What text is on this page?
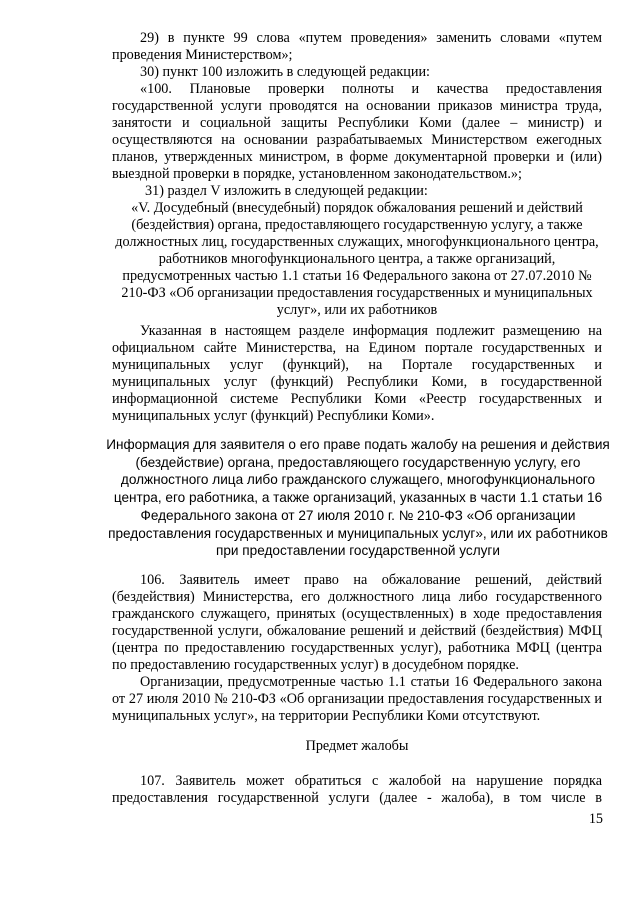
29) в пункте 99 слова «путем проведения» заменить словами «путем проведения Министерством»;

30) пункт 100 изложить в следующей редакции:

«100. Плановые проверки полноты и качества предоставления государственной услуги проводятся на основании приказов министра труда, занятости и социальной защиты Республики Коми (далее – министр) и осуществляются на основании разрабатываемых Министерством ежегодных планов, утвержденных министром, в форме документарной проверки и (или) выездной проверки в порядке, установленном законодательством.»;

31) раздел V изложить в следующей редакции:

«V. Досудебный (внесудебный) порядок обжалования решений и действий (бездействия) органа, предоставляющего государственную услугу, а также должностных лиц, государственных служащих, многофункционального центра, работников многофункционального центра, а также организаций, предусмотренных частью 1.1 статьи 16 Федерального закона от 27.07.2010 № 210-ФЗ «Об организации предоставления государственных и муниципальных услуг», или их работников

Указанная в настоящем разделе информация подлежит размещению на официальном сайте Министерства, на Едином портале государственных и муниципальных услуг (функций), на Портале государственных и муниципальных услуг (функций) Республики Коми, в государственной информационной системе Республики Коми «Реестр государственных и муниципальных услуг (функций) Республики Коми».

Информация для заявителя о его праве подать жалобу на решения и действия (бездействие) органа, предоставляющего государственную услугу, его должностного лица либо гражданского служащего, многофункционального центра, его работника, а также организаций, указанных в части 1.1 статьи 16 Федерального закона от 27 июля 2010 г. № 210-ФЗ «Об организации предоставления государственных и муниципальных услуг», или их работников при предоставлении государственной услуги

106. Заявитель имеет право на обжалование решений, действий (бездействия) Министерства, его должностного лица либо государственного гражданского служащего, принятых (осуществленных) в ходе предоставления государственной услуги, обжалование решений и действий (бездействия) МФЦ (центра по предоставлению государственных услуг), работника МФЦ (центра по предоставлению государственных услуг) в досудебном порядке.

Организации, предусмотренные частью 1.1 статьи 16 Федерального закона от 27 июля 2010 № 210-ФЗ «Об организации предоставления государственных и муниципальных услуг», на территории Республики Коми отсутствуют.

Предмет жалобы

107. Заявитель может обратиться с жалобой на нарушение порядка предоставления государственной услуги (далее - жалоба), в том числе в

15
